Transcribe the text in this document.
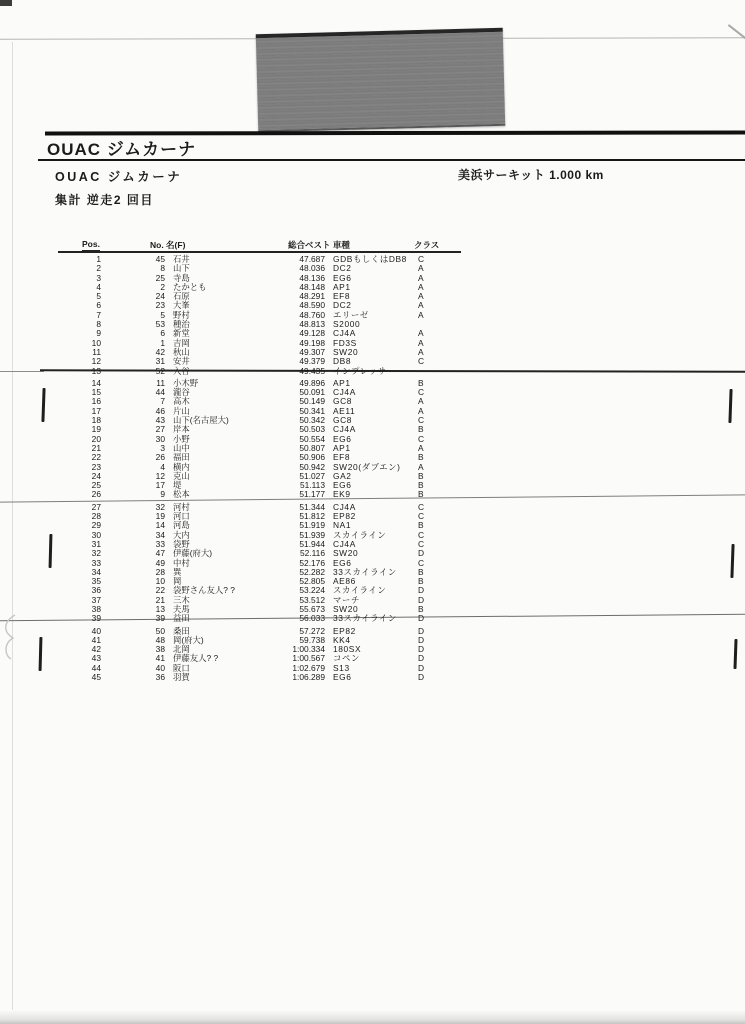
OUAC ジムカーナ
OUAC ジムカーナ	美浜サーキット 1.000 km
集計 逆走2 回目
Pos.	No. 名(F)	総合ベスト 車種	クラス
1	45 石井	47.687 GDBもしくはDB8	C
2	8 山下	48.036 DC2	A
3	25 寺島	48.136 EG6	A
4	2 たかとも	48.148 AP1	A
5	24 石原	48.291 EF8	A
6	23 大峯	48.590 DC2	A
7	5 野村	48.760 エリーゼ	A
8	53 種治	48.813 S2000
9	6 新堂	49.128 CJ4A	A
10	1 吉岡	49.198 FD3S	A
11	42 秋山	49.307 SW20	A
12	31 安井	49.379 DB8	C
13	52 入谷	49.435 インプレッサ
14	11 小木野	49.896 AP1	B
15	44 瀧谷	50.091 CJ4A	C
16	7 高木	50.149 GC8	A
17	46 片山	50.341 AE11	A
18	43 山下(名古屋大)	50.342 GC8	C
19	27 岸本	50.503 CJ4A	B
20	30 小野	50.554 EG6	C
21	3 山中	50.807 AP1	A
22	26 福田	50.906 EF8	B
23	4 横内	50.942 SW20(ダブエン)	A
24	12 克山	51.027 GA2	B
25	17 堤	51.113 EG6	B
26	9 松本	51.177 EK9	B
27	32 河村	51.344 CJ4A	C
28	19 河口	51.812 EP82	C
29	14 河島	51.919 NA1	B
30	34 大内	51.939 スカイライン	C
31	33 袋野	51.944 CJ4A	C
32	47 伊藤(府大)	52.116 SW20	D
33	49 中村	52.176 EG6	C
34	28 巽	52.282 33スカイライン	B
35	10 岡	52.805 AE86	B
36	22 袋野さん友人? ?	53.224 スカイライン	D
37	21 三木	53.512 マーチ	D
38	13 夫馬	55.673 SW20	B
39	39 益田	56.033 33スカイライン	D
40	50 桑田	57.272 EP82	D
41	48 岡(府大)	59.738 KK4	D
42	38 北岡	1:00.334 180SX	D
43	41 伊藤友人? ?	1:00.567 コペン	D
44	40 阪口	1:02.679 S13	D
45	36 羽賀	1:06.289 EG6	D
